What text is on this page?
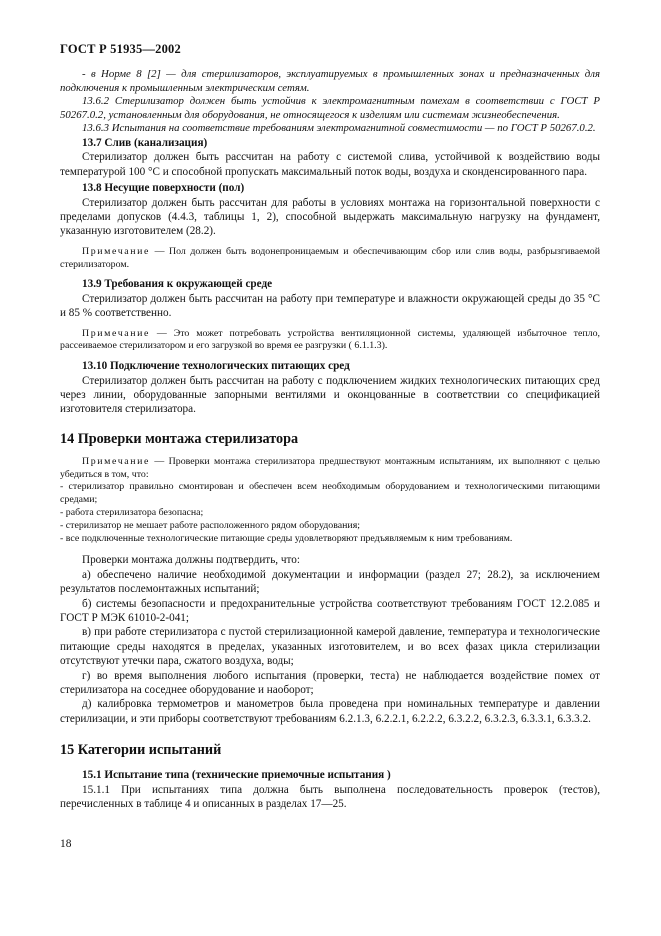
ГОСТ Р 51935—2002

- в Норме 8 [2] — для стерилизаторов, эксплуатируемых в промышленных зонах и предназначенных для подключения к промышленным электрическим сетям.

13.6.2 Стерилизатор должен быть устойчив к электромагнитным помехам в соответствии с ГОСТ Р 50267.0.2, установленным для оборудования, не относящегося к изделиям или системам жизнеобеспечения.

13.6.3 Испытания на соответствие требованиям электромагнитной совместимости — по ГОСТ Р 50267.0.2.

13.7 Слив (канализация)

Стерилизатор должен быть рассчитан на работу с системой слива, устойчивой к воздействию воды температурой 100 °С и способной пропускать максимальный поток воды, воздуха и сконденсированного пара.

13.8 Несущие поверхности (пол)

Стерилизатор должен быть рассчитан для работы в условиях монтажа на горизонтальной поверхности с пределами допусков (4.4.3, таблицы 1, 2), способной выдержать максимальную нагрузку на фундамент, указанную изготовителем (28.2).

Примечание — Пол должен быть водонепроницаемым и обеспечивающим сбор или слив воды, разбрызгиваемой стерилизатором.

13.9 Требования к окружающей среде

Стерилизатор должен быть рассчитан на работу при температуре и влажности окружающей среды до 35 °С и 85 % соответственно.

Примечание — Это может потребовать устройства вентиляционной системы, удаляющей избыточное тепло, рассеиваемое стерилизатором и его загрузкой во время ее разгрузки ( 6.1.1.3).

13.10 Подключение технологических питающих сред

Стерилизатор должен быть рассчитан на работу с подключением жидких технологических питающих сред через линии, оборудованные запорными вентилями и оконцованные в соответствии со спецификацией изготовителя стерилизатора.

14 Проверки монтажа стерилизатора

Примечание — Проверки монтажа стерилизатора предшествуют монтажным испытаниям, их выполняют с целью убедиться в том, что:

- стерилизатор правильно смонтирован и обеспечен всем необходимым оборудованием и технологическими питающими средами;

- работа стерилизатора безопасна;

- стерилизатор не мешает работе расположенного рядом оборудования;

- все подключенные технологические питающие среды удовлетворяют предъявляемым к ним требованиям.

Проверки монтажа должны подтвердить, что:

а) обеспечено наличие необходимой документации и информации (раздел 27; 28.2), за исключением результатов послемонтажных испытаний;

б) системы безопасности и предохранительные устройства соответствуют требованиям ГОСТ 12.2.085 и ГОСТ Р МЭК 61010-2-041;

в) при работе стерилизатора с пустой стерилизационной камерой давление, температура и технологические питающие среды находятся в пределах, указанных изготовителем, и во всех фазах цикла стерилизации отсутствуют утечки пара, сжатого воздуха, воды;

г) во время выполнения любого испытания (проверки, теста) не наблюдается воздействие помех от стерилизатора на соседнее оборудование и наоборот;

д) калибровка термометров и манометров была проведена при номинальных температуре и давлении стерилизации, и эти приборы соответствуют требованиям 6.2.1.3, 6.2.2.1, 6.2.2.2, 6.3.2.2, 6.3.2.3, 6.3.3.1, 6.3.3.2.

15 Категории испытаний

15.1 Испытание типа (технические приемочные испытания )

15.1.1 При испытаниях типа должна быть выполнена последовательность проверок (тестов), перечисленных в таблице 4 и описанных в разделах 17—25.

18
